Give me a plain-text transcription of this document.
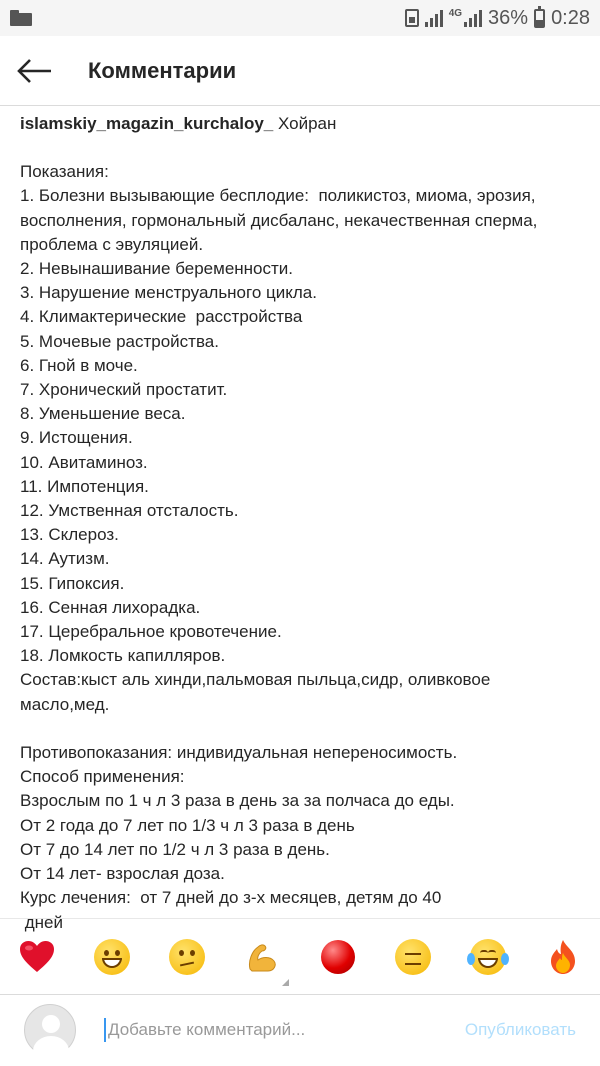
4G 36% 0:28
Комментарии
islamskiy_magazin_kurchaloy_ Хойран

Показания:
1. Болезни вызывающие бесплодие:  поликистоз, миома, эрозия, восполнения, гормональный дисбаланс, некачественная сперма, проблема с эвуляцией.
2. Невынашивание беременности.
3. Нарушение менструального цикла.
4. Климактерические  расстройства
5. Мочевые растройства.
6. Гной в моче.
7. Хронический простатит.
8. Уменьшение веса.
9. Истощения.
10. Авитаминоз.
11. Импотенция.
12. Умственная отсталость.
13. Склероз.
14. Аутизм.
15. Гипоксия.
16. Сенная лихорадка.
17. Церебральное кровотечение.
18. Ломкость капилляров.
Состав:кыст аль хинди,пальмовая пыльца,сидр, оливковое масло,мед.

Противопоказания: индивидуальная непереносимость.
Способ применения:
Взрослым по 1 ч л 3 раза в день за за полчаса до еды.
От 2 года до 7 лет по 1/3 ч л 3 раза в день
От 7 до 14 лет по 1/2 ч л 3 раза в день.
От 14 лет- взрослая доза.
Курс лечения:  от 7 дней до з-х месяцев, детям до 40
дней
Добавьте комментарий...
Опубликовать
